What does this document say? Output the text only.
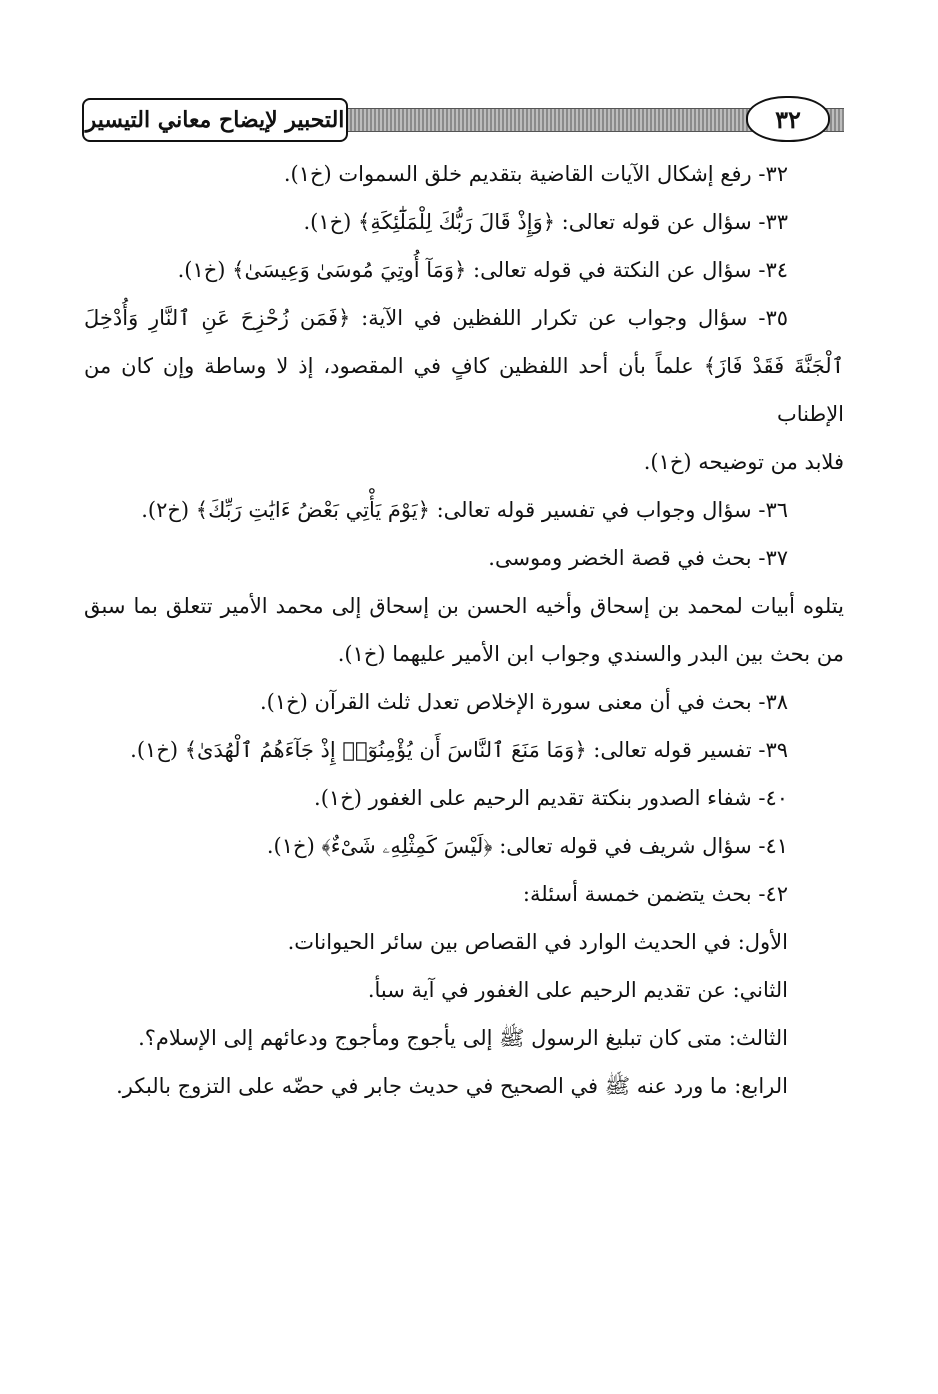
التحبير لإيضاح معاني التيسير	٣٢
٣٢- رفع إشكال الآيات القاضية بتقديم خلق السموات (خ١).
٣٣- سؤال عن قوله تعالى: ﴿وَإِذْ قَالَ رَبُّكَ لِلْمَلَٰٓئِكَةِ﴾ (خ١).
٣٤- سؤال عن النكتة في قوله تعالى: ﴿وَمَآ أُوتِيَ مُوسَىٰ وَعِيسَىٰ﴾ (خ١).
٣٥- سؤال وجواب عن تكرار اللفظين في الآية: ﴿فَمَن زُحْزِحَ عَنِ ٱلنَّارِ وَأُدْخِلَ
ٱلْجَنَّةَ فَقَدْ فَازَ﴾ علماً بأن أحد اللفظين كافٍ في المقصود، إذ لا وساطة وإن كان من الإطناب
فلابد من توضيحه (خ١).
٣٦- سؤال وجواب في تفسير قوله تعالى: ﴿يَوْمَ يَأْتِي بَعْضُ ءَايَٰتِ رَبِّكَ﴾ (خ٢).
٣٧- بحث في قصة الخضر وموسى.
يتلوه أبيات لمحمد بن إسحاق وأخيه الحسن بن إسحاق إلى محمد الأمير تتعلق بما سبق
من بحث بين البدر والسندي وجواب ابن الأمير عليهما (خ١).
٣٨- بحث في أن معنى سورة الإخلاص تعدل ثلث القرآن (خ١).
٣٩- تفسير قوله تعالى: ﴿وَمَا مَنَعَ ٱلنَّاسَ أَن يُؤْمِنُوٓا۟ إِذْ جَآءَهُمُ ٱلْهُدَىٰ﴾ (خ١).
٤٠- شفاء الصدور بنكتة تقديم الرحيم على الغفور (خ١).
٤١- سؤال شريف في قوله تعالى: ﴿لَيْسَ كَمِثْلِهِۦ شَىْءٌ﴾ (خ١).
٤٢- بحث يتضمن خمسة أسئلة:
الأول: في الحديث الوارد في القصاص بين سائر الحيوانات.
الثاني: عن تقديم الرحيم على الغفور في آية سبأ.
الثالث: متى كان تبليغ الرسول ﷺ إلى يأجوج ومأجوج ودعائهم إلى الإسلام؟.
الرابع: ما ورد عنه ﷺ في الصحيح في حديث جابر في حضّه على التزوج بالبكر.
